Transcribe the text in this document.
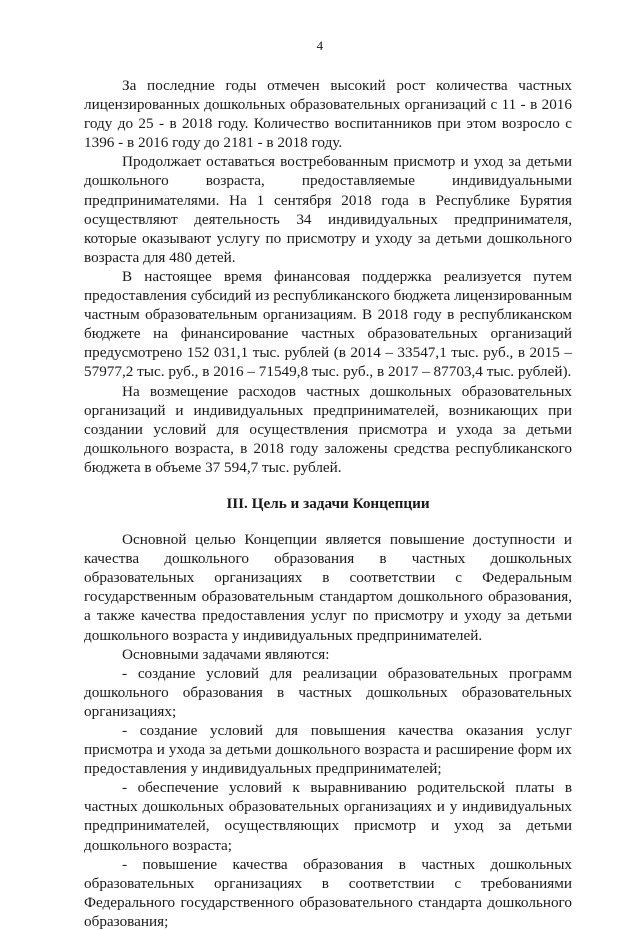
4

За последние годы отмечен высокий рост количества частных лицензированных дошкольных образовательных организаций с 11 - в 2016 году до 25 - в 2018 году. Количество воспитанников при этом возросло с 1396 - в 2016 году до 2181 - в 2018 году.

Продолжает оставаться востребованным присмотр и уход за детьми дошкольного возраста, предоставляемые индивидуальными предпринимателями. На 1 сентября 2018 года в Республике Бурятия осуществляют деятельность 34 индивидуальных предпринимателя, которые оказывают услугу по присмотру и уходу за детьми дошкольного возраста для 480 детей.

В настоящее время финансовая поддержка реализуется путем предоставления субсидий из республиканского бюджета лицензированным частным образовательным организациям. В 2018 году в республиканском бюджете на финансирование частных образовательных организаций предусмотрено 152 031,1 тыс. рублей (в 2014 – 33547,1 тыс. руб., в 2015 – 57977,2 тыс. руб., в 2016 – 71549,8 тыс. руб., в 2017 – 87703,4 тыс. рублей).

На возмещение расходов частных дошкольных образовательных организаций и индивидуальных предпринимателей, возникающих при создании условий для осуществления присмотра и ухода за детьми дошкольного возраста, в 2018 году заложены средства республиканского бюджета в объеме 37 594,7 тыс. рублей.

III. Цель и задачи Концепции

Основной целью Концепции является повышение доступности и качества дошкольного образования в частных дошкольных образовательных организациях в соответствии с Федеральным государственным образовательным стандартом дошкольного образования, а также качества предоставления услуг по присмотру и уходу за детьми дошкольного возраста у индивидуальных предпринимателей.

Основными задачами являются:

- создание условий для реализации образовательных программ дошкольного образования в частных дошкольных образовательных организациях;

- создание условий для повышения качества оказания услуг присмотра и ухода за детьми дошкольного возраста и расширение форм их предоставления у индивидуальных предпринимателей;

- обеспечение условий к выравниванию родительской платы в частных дошкольных образовательных организациях и у индивидуальных предпринимателей, осуществляющих присмотр и уход за детьми дошкольного возраста;

- повышение качества образования в частных дошкольных образовательных организациях в соответствии с требованиями Федерального государственного образовательного стандарта дошкольного образования;
